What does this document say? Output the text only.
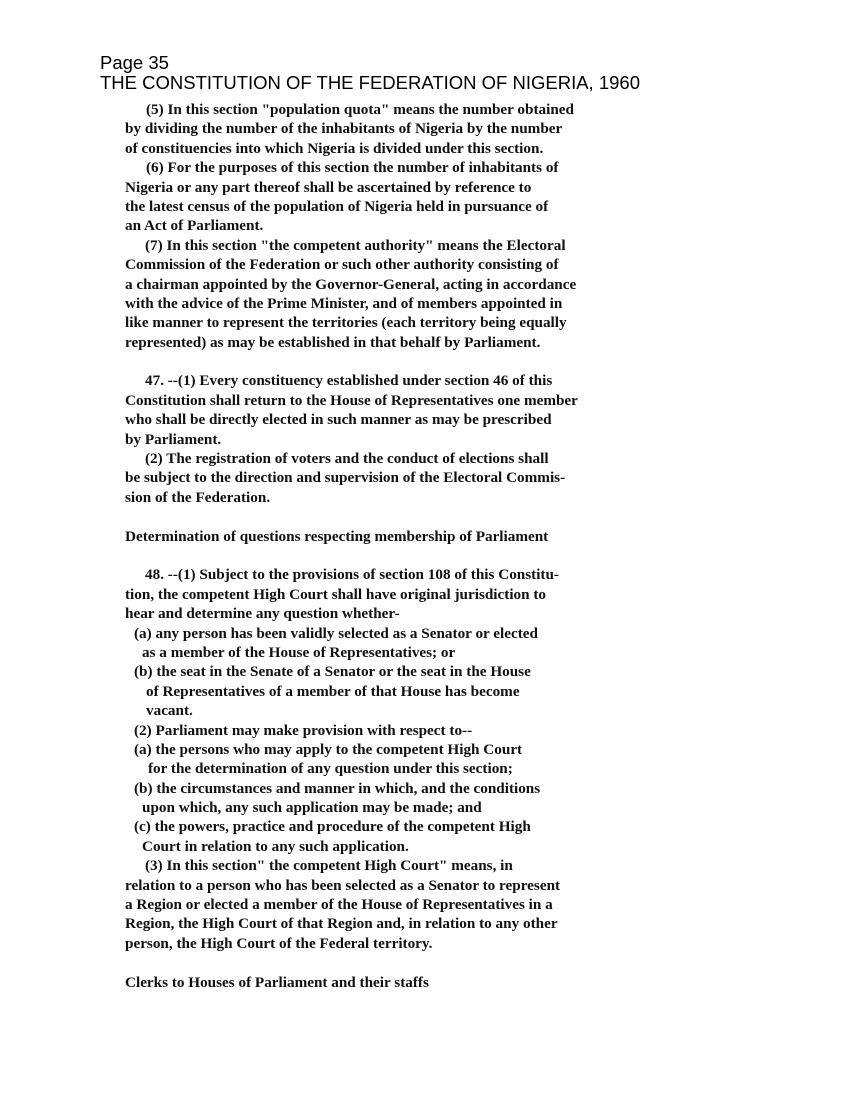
Page 35
THE CONSTITUTION OF THE FEDERATION OF NIGERIA, 1960
(5) In this section "population quota" means the number obtained
by dividing the number of the inhabitants of Nigeria by the number
of constituencies into which Nigeria is divided under this section.
(6) For the purposes of this section the number of inhabitants of
Nigeria or any part thereof shall be ascertained by reference to
the latest census of the population of Nigeria held in pursuance of
an Act of Parliament.
(7) In this section "the competent authority" means the Electoral
Commission of the Federation or such other authority consisting of
a chairman appointed by the Governor-General, acting in accordance
with the advice of the Prime Minister, and of members appointed in
like manner to represent the territories (each territory being equally
represented) as may be established in that behalf by Parliament.
47. --(1) Every constituency established under section 46 of this
Constitution shall return to the House of Representatives one member
who shall be directly elected in such manner as may be prescribed
by Parliament.
(2) The registration of voters and the conduct of elections shall
be subject to the direction and supervision of the Electoral Commis-
sion of the Federation.
Determination of questions respecting membership of Parliament
48. --(1) Subject to the provisions of section 108 of this Constitu-
tion, the competent High Court shall have original jurisdiction to
hear and determine any question whether-
(a) any person has been validly selected as a Senator or elected
as a member of the House of Representatives; or
(b) the seat in the Senate of a Senator or the seat in the House
of Representatives of a member of that House has become
vacant.
(2) Parliament may make provision with respect to--
(a) the persons who may apply to the competent High Court
for the determination of any question under this section;
(b) the circumstances and manner in which, and the conditions
upon which, any such application may be made; and
(c) the powers, practice and procedure of the competent High
Court in relation to any such application.
(3) In this section" the competent High Court" means, in
relation to a person who has been selected as a Senator to represent
a Region or elected a member of the House of Representatives in a
Region, the High Court of that Region and, in relation to any other
person, the High Court of the Federal territory.
Clerks to Houses of Parliament and their staffs
